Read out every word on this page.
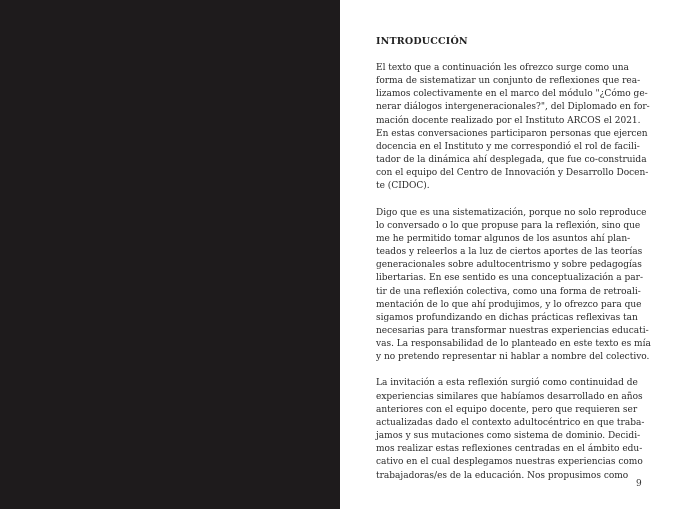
INTRODUCCIÓN

El texto que a continuación les ofrezco surge como una
forma de sistematizar un conjunto de reflexiones que rea-
lizamos colectivamente en el marco del módulo "¿Cómo ge-
nerar diálogos intergeneracionales?", del Diplomado en for-
mación docente realizado por el Instituto ARCOS el 2021.
En estas conversaciones participaron personas que ejercen
docencia en el Instituto y me correspondió el rol de facili-
tador de la dinámica ahí desplegada, que fue co-construida
con el equipo del Centro de Innovación y Desarrollo Docen-
te (CIDOC).

Digo que es una sistematización, porque no solo reproduce
lo conversado o lo que propuse para la reflexión, sino que
me he permitido tomar algunos de los asuntos ahí plan-
teados y releerlos a la luz de ciertos aportes de las teorías
generacionales sobre adultocentrismo y sobre pedagogías
libertarias. En ese sentido es una conceptualización a par-
tir de una reflexión colectiva, como una forma de retroali-
mentación de lo que ahí produjimos, y lo ofrezco para que
sigamos profundizando en dichas prácticas reflexivas tan
necesarias para transformar nuestras experiencias educati-
vas. La responsabilidad de lo planteado en este texto es mía
y no pretendo representar ni hablar a nombre del colectivo.

La invitación a esta reflexión surgió como continuidad de
experiencias similares que habíamos desarrollado en años
anteriores con el equipo docente, pero que requieren ser
actualizadas dado el contexto adultocéntrico en que traba-
jamos y sus mutaciones como sistema de dominio. Decidi-
mos realizar estas reflexiones centradas en el ámbito edu-
cativo en el cual desplegamos nuestras experiencias como
trabajadoras/es de la educación. Nos propusimos como

9
